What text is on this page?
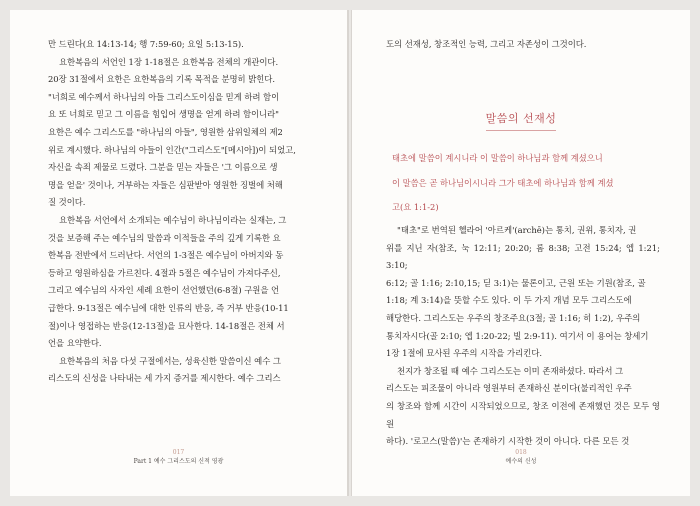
만 드린다(요 14:13-14; 행 7:59-60; 요일 5:13-15).

요한복음의 서언인 1장 1-18절은 요한복음 전체의 개관이다.

20장 31절에서 요한은 요한복음의 기록 목적을 분명히 밝힌다.

"너희로 예수께서 하나님의 아들 그리스도이심을 믿게 하려 함이

요 또 너희로 믿고 그 이름을 힘입어 생명을 얻게 하려 함이니라"

요한은 예수 그리스도를 "하나님의 아들", 영원한 삼위일체의 제2

위로 계시했다. 하나님의 아들이 인간("그리스도"[메시아])이 되었고,

자신을 속죄 제물로 드렸다. 그분을 믿는 자들은 '그 이름으로 생

명을 얻을' 것이나, 거부하는 자들은 심판받아 영원한 징벌에 처해

질 것이다.

요한복음 서언에서 소개되는 예수님이 하나님이라는 실재는, 그

것을 보증해 주는 예수님의 말씀과 이적들을 주의 깊게 기록한 요

한복음 전반에서 드러난다. 서언의 1-3절은 예수님이 아버지와 동

등하고 영원하심을 가르친다. 4절과 5절은 예수님이 가져다주신,

그리고 예수님의 사자인 세례 요한이 선언했던(6-8절) 구원을 언

급한다. 9-13절은 예수님에 대한 인류의 반응, 즉 거부 반응(10-11

절)이나 영접하는 반응(12-13절)을 묘사한다. 14-18절은 전체 서

언을 요약한다.

요한복음의 처음 다섯 구절에서는, 성육신한 말씀이신 예수 그

리스도의 신성을 나타내는 세 가지 증거를 제시한다. 예수 그리스

017
Part 1 예수 그리스도의 신적 영광

도의 선재성, 창조적인 능력, 그리고 자존성이 그것이다.

말씀의 선재성

태초에 말씀이 계시니라 이 말씀이 하나님과 함께 계셨으니

이 말씀은 곧 하나님이시니라 그가 태초에 하나님과 함께 계셨

고(요 1:1-2)

"태초"로 번역된 헬라어 '아르케'(archē)는 통치, 권위, 통치자, 권

위를 지닌 자(참조, 눅 12:11; 20:20; 롬 8:38; 고전 15:24; 엡 1:21; 3:10;

6:12; 골 1:16; 2:10,15; 딛 3:1)는 물론이고, 근원 또는 기원(참조, 골

1:18; 계 3:14)을 뜻할 수도 있다. 이 두 가지 개념 모두 그리스도에

해당한다. 그리스도는 우주의 창조주요(3절; 골 1:16; 히 1:2), 우주의

통치자시다(골 2:10; 엡 1:20-22; 빌 2:9-11). 여기서 이 용어는 창세기

1장 1절에 묘사된 우주의 시작을 가리킨다.

천지가 창조될 때 예수 그리스도는 이미 존재하셨다. 따라서 그

리스도는 피조물이 아니라 영원부터 존재하신 분이다(불리적인 우주

의 창조와 함께 시간이 시작되었으므로, 창조 이전에 존재했던 것은 모두 영원

하다). '로고스(말씀)'는 존재하기 시작한 것이 아니다. 다른 모든 것

018
예수의 신성
